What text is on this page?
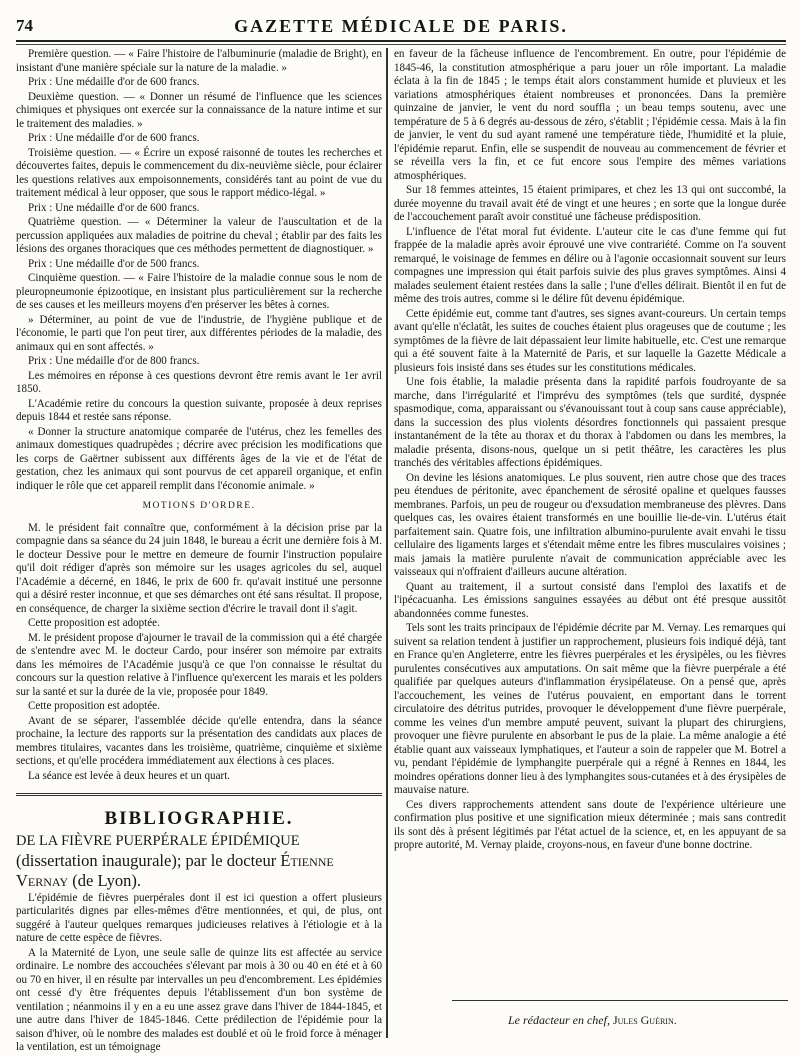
74	GAZETTE MÉDICALE DE PARIS.

Première question. — « Faire l'histoire de l'albuminurie (maladie de Bright), en insistant d'une manière spéciale sur la nature de la maladie. »

Prix : Une médaille d'or de 600 francs.

Deuxième question. — « Donner un résumé de l'influence que les sciences chimiques et physiques ont exercée sur la connaissance de la nature intime et sur le traitement des maladies. »

Prix : Une médaille d'or de 600 francs.

Troisième question. — « Écrire un exposé raisonné de toutes les recherches et découvertes faites, depuis le commencement du dix-neuvième siècle, pour éclairer les questions relatives aux empoisonnements, considérés tant au point de vue du traitement médical à leur opposer, que sous le rapport médico-légal. »

Prix : Une médaille d'or de 600 francs.

Quatrième question. — « Déterminer la valeur de l'auscultation et de la percussion appliquées aux maladies de poitrine du cheval ; établir par des faits les lésions des organes thoraciques que ces méthodes permettent de diagnostiquer. »

Prix : Une médaille d'or de 500 francs.

Cinquième question. — « Faire l'histoire de la maladie connue sous le nom de pleuropneumonie épizootique, en insistant plus particulièrement sur la recherche de ses causes et les meilleurs moyens d'en préserver les bêtes à cornes.

» Déterminer, au point de vue de l'industrie, de l'hygiène publique et de l'économie, le parti que l'on peut tirer, aux différentes périodes de la maladie, des animaux qui en sont affectés. »

Prix : Une médaille d'or de 800 francs.

Les mémoires en réponse à ces questions devront être remis avant le 1er avril 1850.

L'Académie retire du concours la question suivante, proposée à deux reprises depuis 1844 et restée sans réponse.

« Donner la structure anatomique comparée de l'utérus, chez les femelles des animaux domestiques quadrupèdes ; décrire avec précision les modifications que les corps de Gaërtner subissent aux différents âges de la vie et de l'état de gestation, chez les animaux qui sont pourvus de cet appareil organique, et enfin indiquer le rôle que cet appareil remplit dans l'économie animale. »

MOTIONS D'ORDRE.

M. le président fait connaître que, conformément à la décision prise par la compagnie dans sa séance du 24 juin 1848, le bureau a écrit une dernière fois à M. le docteur Dessive pour le mettre en demeure de fournir l'instruction populaire qu'il doit rédiger d'après son mémoire sur les usages agricoles du sel, auquel l'Académie a décerné, en 1846, le prix de 600 fr. qu'avait institué une personne qui a désiré rester inconnue, et que ses démarches ont été sans résultat. Il propose, en conséquence, de charger la sixième section d'écrire le travail dont il s'agit.

Cette proposition est adoptée.

M. le président propose d'ajourner le travail de la commission qui a été chargée de s'entendre avec M. le docteur Cardo, pour insérer son mémoire par extraits dans les mémoires de l'Académie jusqu'à ce que l'on connaisse le résultat du concours sur la question relative à l'influence qu'exercent les marais et les polders sur la santé et sur la durée de la vie, proposée pour 1849.

Cette proposition est adoptée.

Avant de se séparer, l'assemblée décide qu'elle entendra, dans la séance prochaine, la lecture des rapports sur la présentation des candidats aux places de membres titulaires, vacantes dans les troisième, quatrième, cinquième et sixième sections, et qu'elle procédera immédiatement aux élections à ces places.

La séance est levée à deux heures et un quart.

BIBLIOGRAPHIE.

DE LA FIÈVRE PUERPÉRALE ÉPIDÉMIQUE (dissertation inaugurale); par le docteur Étienne Vernay (de Lyon).

L'épidémie de fièvres puerpérales dont il est ici question a offert plusieurs particularités dignes par elles-mêmes d'être mentionnées, et qui, de plus, ont suggéré à l'auteur quelques remarques judicieuses relatives à l'étiologie et à la nature de cette espèce de fièvres.

A la Maternité de Lyon, une seule salle de quinze lits est affectée au service ordinaire. Le nombre des accouchées s'élevant par mois à 30 ou 40 en été et à 60 ou 70 en hiver, il en résulte par intervalles un peu d'encombrement. Les épidémies ont cessé d'y être fréquentes depuis l'établissement d'un bon système de ventilation ; néanmoins il y en a eu une assez grave dans l'hiver de 1844-1845, et une autre dans l'hiver de 1845-1846. Cette prédilection de l'épidémie pour la saison d'hiver, où le nombre des malades est doublé et où le froid force à ménager la ventilation, est un témoignage

en faveur de la fâcheuse influence de l'encombrement. En outre, pour l'épidémie de 1845-46, la constitution atmosphérique a paru jouer un rôle important. La maladie éclata à la fin de 1845 ; le temps était alors constamment humide et pluvieux et les variations atmosphériques étaient nombreuses et prononcées. Dans la première quinzaine de janvier, le vent du nord souffla ; un beau temps soutenu, avec une température de 5 à 6 degrés au-dessous de zéro, s'établit ; l'épidémie cessa. Mais à la fin de janvier, le vent du sud ayant ramené une température tiède, l'humidité et la pluie, l'épidémie reparut. Enfin, elle se suspendit de nouveau au commencement de février et se réveilla vers la fin, et ce fut encore sous l'empire des mêmes variations atmosphériques.

Sur 18 femmes atteintes, 15 étaient primipares, et chez les 13 qui ont succombé, la durée moyenne du travail avait été de vingt et une heures ; en sorte que la longue durée de l'accouchement paraît avoir constitué une fâcheuse prédisposition.

L'influence de l'état moral fut évidente. L'auteur cite le cas d'une femme qui fut frappée de la maladie après avoir éprouvé une vive contrariété. Comme on l'a souvent remarqué, le voisinage de femmes en délire ou à l'agonie occasionnait souvent sur leurs compagnes une impression qui était parfois suivie des plus graves symptômes. Ainsi 4 malades seulement étaient restées dans la salle ; l'une d'elles délirait. Bientôt il en fut de même des trois autres, comme si le délire fût devenu épidémique.

Cette épidémie eut, comme tant d'autres, ses signes avant-coureurs. Un certain temps avant qu'elle n'éclatât, les suites de couches étaient plus orageuses que de coutume ; les symptômes de la fièvre de lait dépassaient leur limite habituelle, etc. C'est une remarque qui a été souvent faite à la Maternité de Paris, et sur laquelle la Gazette Médicale a plusieurs fois insisté dans ses études sur les constitutions médicales.

Une fois établie, la maladie présenta dans la rapidité parfois foudroyante de sa marche, dans l'irrégularité et l'imprévu des symptômes (tels que surdité, dyspnée spasmodique, coma, apparaissant ou s'évanouissant tout à coup sans cause appréciable), dans la succession des plus violents désordres fonctionnels qui passaient presque instantanément de la tête au thorax et du thorax à l'abdomen ou dans les membres, la maladie présenta, disons-nous, quelque un si petit théâtre, les caractères les plus tranchés des véritables affections épidémiques.

On devine les lésions anatomiques. Le plus souvent, rien autre chose que des traces peu étendues de péritonite, avec épanchement de sérosité opaline et quelques fausses membranes. Parfois, un peu de rougeur ou d'exsudation membraneuse des plèvres. Dans quelques cas, les ovaires étaient transformés en une bouillie lie-de-vin. L'utérus était parfaitement sain. Quatre fois, une infiltration albumino-purulente avait envahi le tissu cellulaire des ligaments larges et s'étendait même entre les fibres musculaires voisines ; mais jamais la matière purulente n'avait de communication appréciable avec les vaisseaux qui n'offraient d'ailleurs aucune altération.

Quant au traitement, il a surtout consisté dans l'emploi des laxatifs et de l'ipécacuanha. Les émissions sanguines essayées au début ont été presque aussitôt abandonnées comme funestes.

Tels sont les traits principaux de l'épidémie décrite par M. Vernay. Les remarques qui suivent sa relation tendent à justifier un rapprochement, plusieurs fois indiqué déjà, tant en France qu'en Angleterre, entre les fièvres puerpérales et les érysipèles, ou les fièvres purulentes consécutives aux amputations. On sait même que la fièvre puerpérale a été qualifiée par quelques auteurs d'inflammation érysipélateuse. On a pensé que, après l'accouchement, les veines de l'utérus pouvaient, en emportant dans le torrent circulatoire des détritus putrides, provoquer le développement d'une fièvre puerpérale, comme les veines d'un membre amputé peuvent, suivant la plupart des chirurgiens, provoquer une fièvre purulente en absorbant le pus de la plaie. La même analogie a été établie quant aux vaisseaux lymphatiques, et l'auteur a soin de rappeler que M. Botrel a vu, pendant l'épidémie de lymphangite puerpérale qui a régné à Rennes en 1844, les moindres opérations donner lieu à des lymphangites sous-cutanées et à des érysipèles de mauvaise nature.

Ces divers rapprochements attendent sans doute de l'expérience ultérieure une confirmation plus positive et une signification mieux déterminée ; mais sans contredit ils sont dès à présent légitimés par l'état actuel de la science, et, en les appuyant de sa propre autorité, M. Vernay plaide, croyons-nous, en faveur d'une bonne doctrine.

Le rédacteur en chef, Jules Guérin.
